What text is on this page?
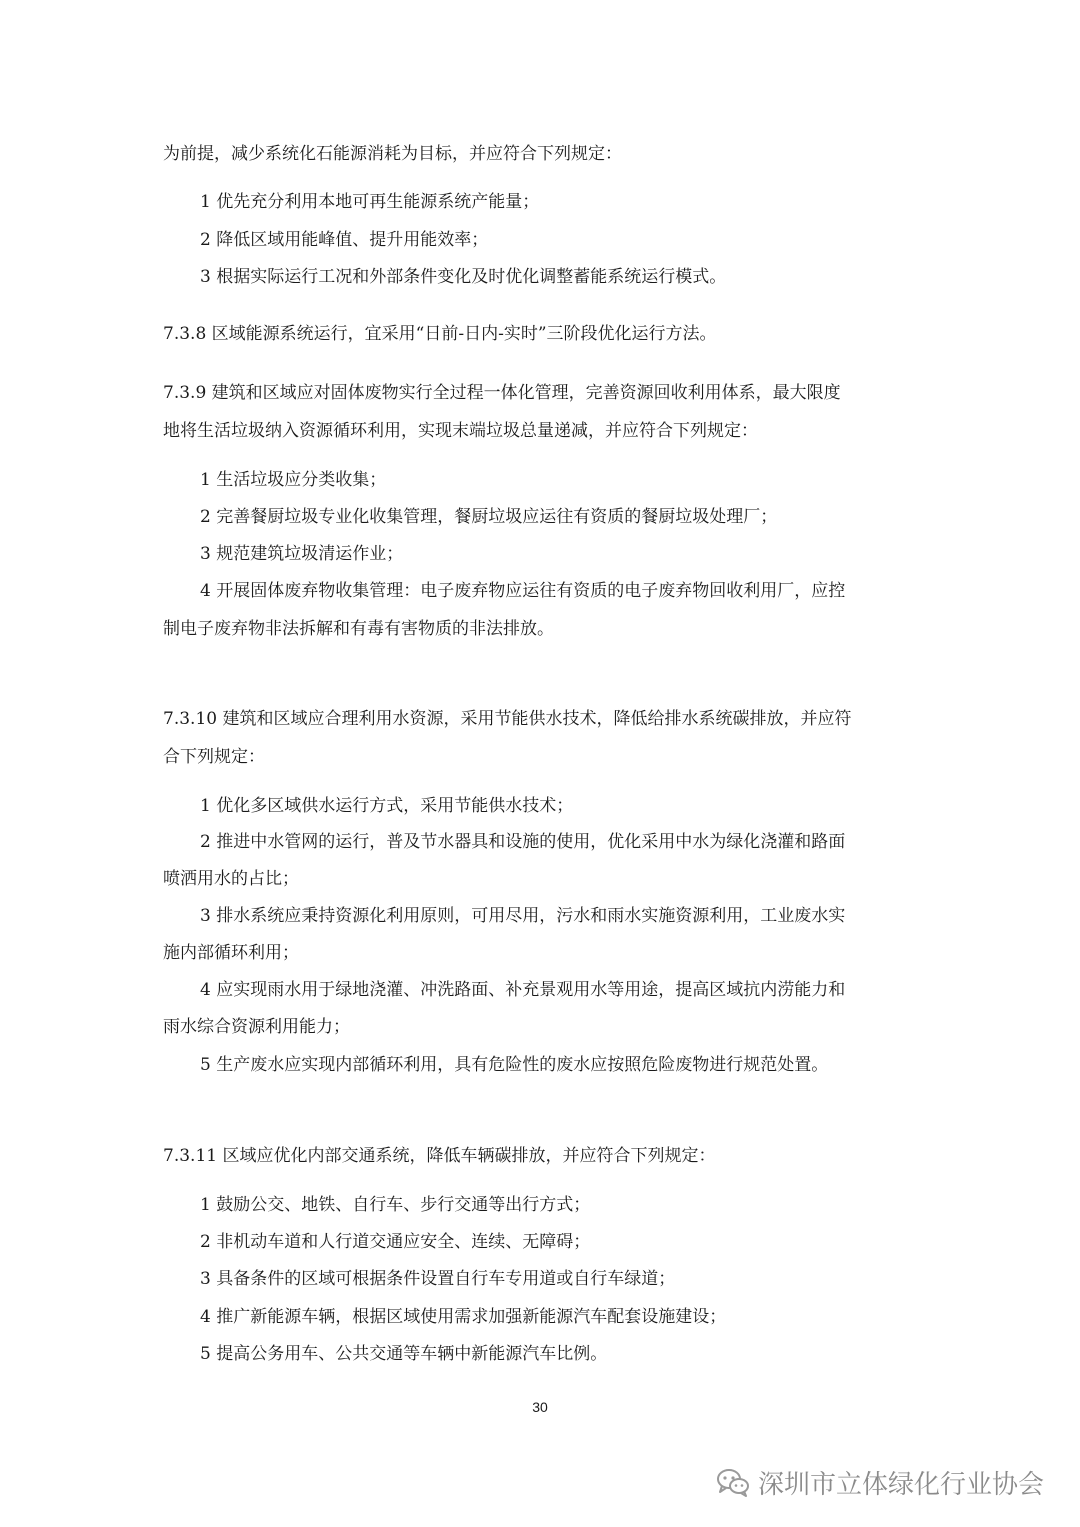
为前提，减少系统化石能源消耗为目标，并应符合下列规定：
1 优先充分利用本地可再生能源系统产能量；
2 降低区域用能峰值、提升用能效率；
3 根据实际运行工况和外部条件变化及时优化调整蓄能系统运行模式。
7.3.8 区域能源系统运行，宜采用“日前-日内-实时”三阶段优化运行方法。
7.3.9 建筑和区域应对固体废物实行全过程一体化管理，完善资源回收利用体系，最大限度
地将生活垃圾纳入资源循环利用，实现末端垃圾总量递减，并应符合下列规定：
1 生活垃圾应分类收集；
2 完善餐厨垃圾专业化收集管理，餐厨垃圾应运往有资质的餐厨垃圾处理厂；
3 规范建筑垃圾清运作业；
4 开展固体废弃物收集管理：电子废弃物应运往有资质的电子废弃物回收利用厂，应控
制电子废弃物非法拆解和有毒有害物质的非法排放。
7.3.10 建筑和区域应合理利用水资源，采用节能供水技术，降低给排水系统碳排放，并应符
合下列规定：
1 优化多区域供水运行方式，采用节能供水技术；
2 推进中水管网的运行，普及节水器具和设施的使用，优化采用中水为绿化浇灌和路面
喷洒用水的占比；
3 排水系统应秉持资源化利用原则，可用尽用，污水和雨水实施资源利用，工业废水实
施内部循环利用；
4 应实现雨水用于绿地浇灌、冲洗路面、补充景观用水等用途，提高区域抗内涝能力和
雨水综合资源利用能力；
5 生产废水应实现内部循环利用，具有危险性的废水应按照危险废物进行规范处置。
7.3.11 区域应优化内部交通系统，降低车辆碳排放，并应符合下列规定：
1 鼓励公交、地铁、自行车、步行交通等出行方式；
2 非机动车道和人行道交通应安全、连续、无障碍；
3 具备条件的区域可根据条件设置自行车专用道或自行车绿道；
4 推广新能源车辆，根据区域使用需求加强新能源汽车配套设施建设；
5 提高公务用车、公共交通等车辆中新能源汽车比例。
30
深圳市立体绿化行业协会
